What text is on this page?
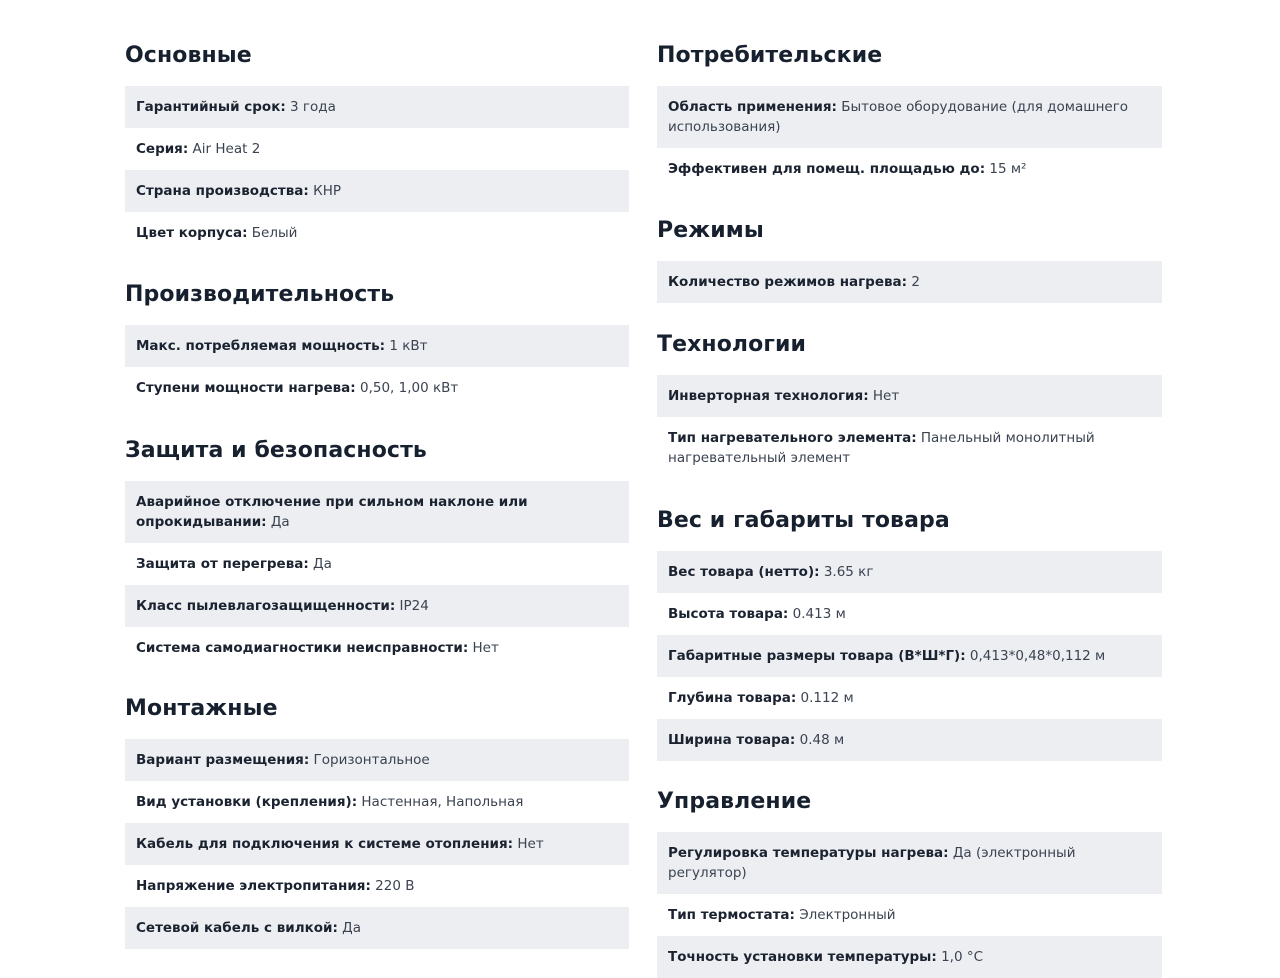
Основные
Гарантийный срок: 3 года
Серия: Air Heat 2
Страна производства: КНР
Цвет корпуса: Белый
Производительность
Макс. потребляемая мощность: 1 кВт
Ступени мощности нагрева: 0,50, 1,00 кВт
Защита и безопасность
Аварийное отключение при сильном наклоне или опрокидывании: Да
Защита от перегрева: Да
Класс пылевлагозащищенности: IP24
Система самодиагностики неисправности: Нет
Монтажные
Вариант размещения: Горизонтальное
Вид установки (крепления): Настенная, Напольная
Кабель для подключения к системе отопления: Нет
Напряжение электропитания: 220 В
Сетевой кабель с вилкой: Да
Потребительские
Область применения: Бытовое оборудование (для домашнего использования)
Эффективен для помещ. площадью до: 15 м²
Режимы
Количество режимов нагрева: 2
Технологии
Инверторная технология: Нет
Тип нагревательного элемента: Панельный монолитный нагревательный элемент
Вес и габариты товара
Вес товара (нетто): 3.65 кг
Высота товара: 0.413 м
Габаритные размеры товара (В*Ш*Г): 0,413*0,48*0,112 м
Глубина товара: 0.112 м
Ширина товара: 0.48 м
Управление
Регулировка температуры нагрева: Да (электронный регулятор)
Тип термостата: Электронный
Точность установки температуры: 1,0 °С
